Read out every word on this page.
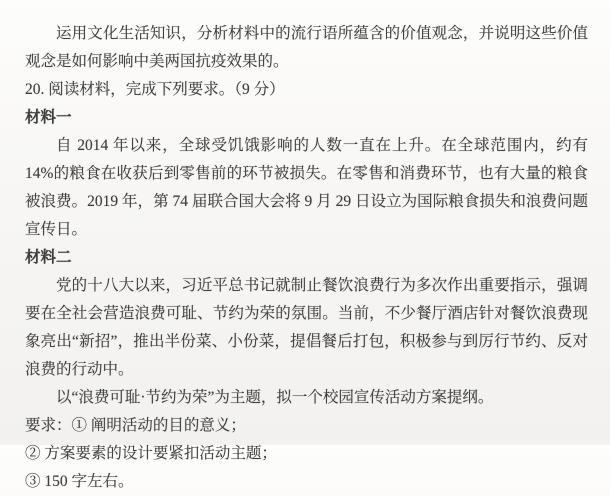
运用文化生活知识，分析材料中的流行语所蕴含的价值观念，并说明这些价值观念是如何影响中美两国抗疫效果的。

20. 阅读材料，完成下列要求。（9 分）

材料一

自 2014 年以来，全球受饥饿影响的人数一直在上升。在全球范围内，约有 14%的粮食在收获后到零售前的环节被损失。在零售和消费环节，也有大量的粮食被浪费。2019 年，第 74 届联合国大会将 9 月 29 日设立为国际粮食损失和浪费问题宣传日。

材料二

党的十八大以来，习近平总书记就制止餐饮浪费行为多次作出重要指示，强调要在全社会营造浪费可耻、节约为荣的氛围。当前，不少餐厅酒店针对餐饮浪费现象亮出“新招”，推出半份菜、小份菜，提倡餐后打包，积极参与到厉行节约、反对浪费的行动中。

以“浪费可耻·节约为荣”为主题，拟一个校园宣传活动方案提纲。

要求：① 阐明活动的目的意义；

② 方案要素的设计要紧扣活动主题；

③ 150 字左右。
